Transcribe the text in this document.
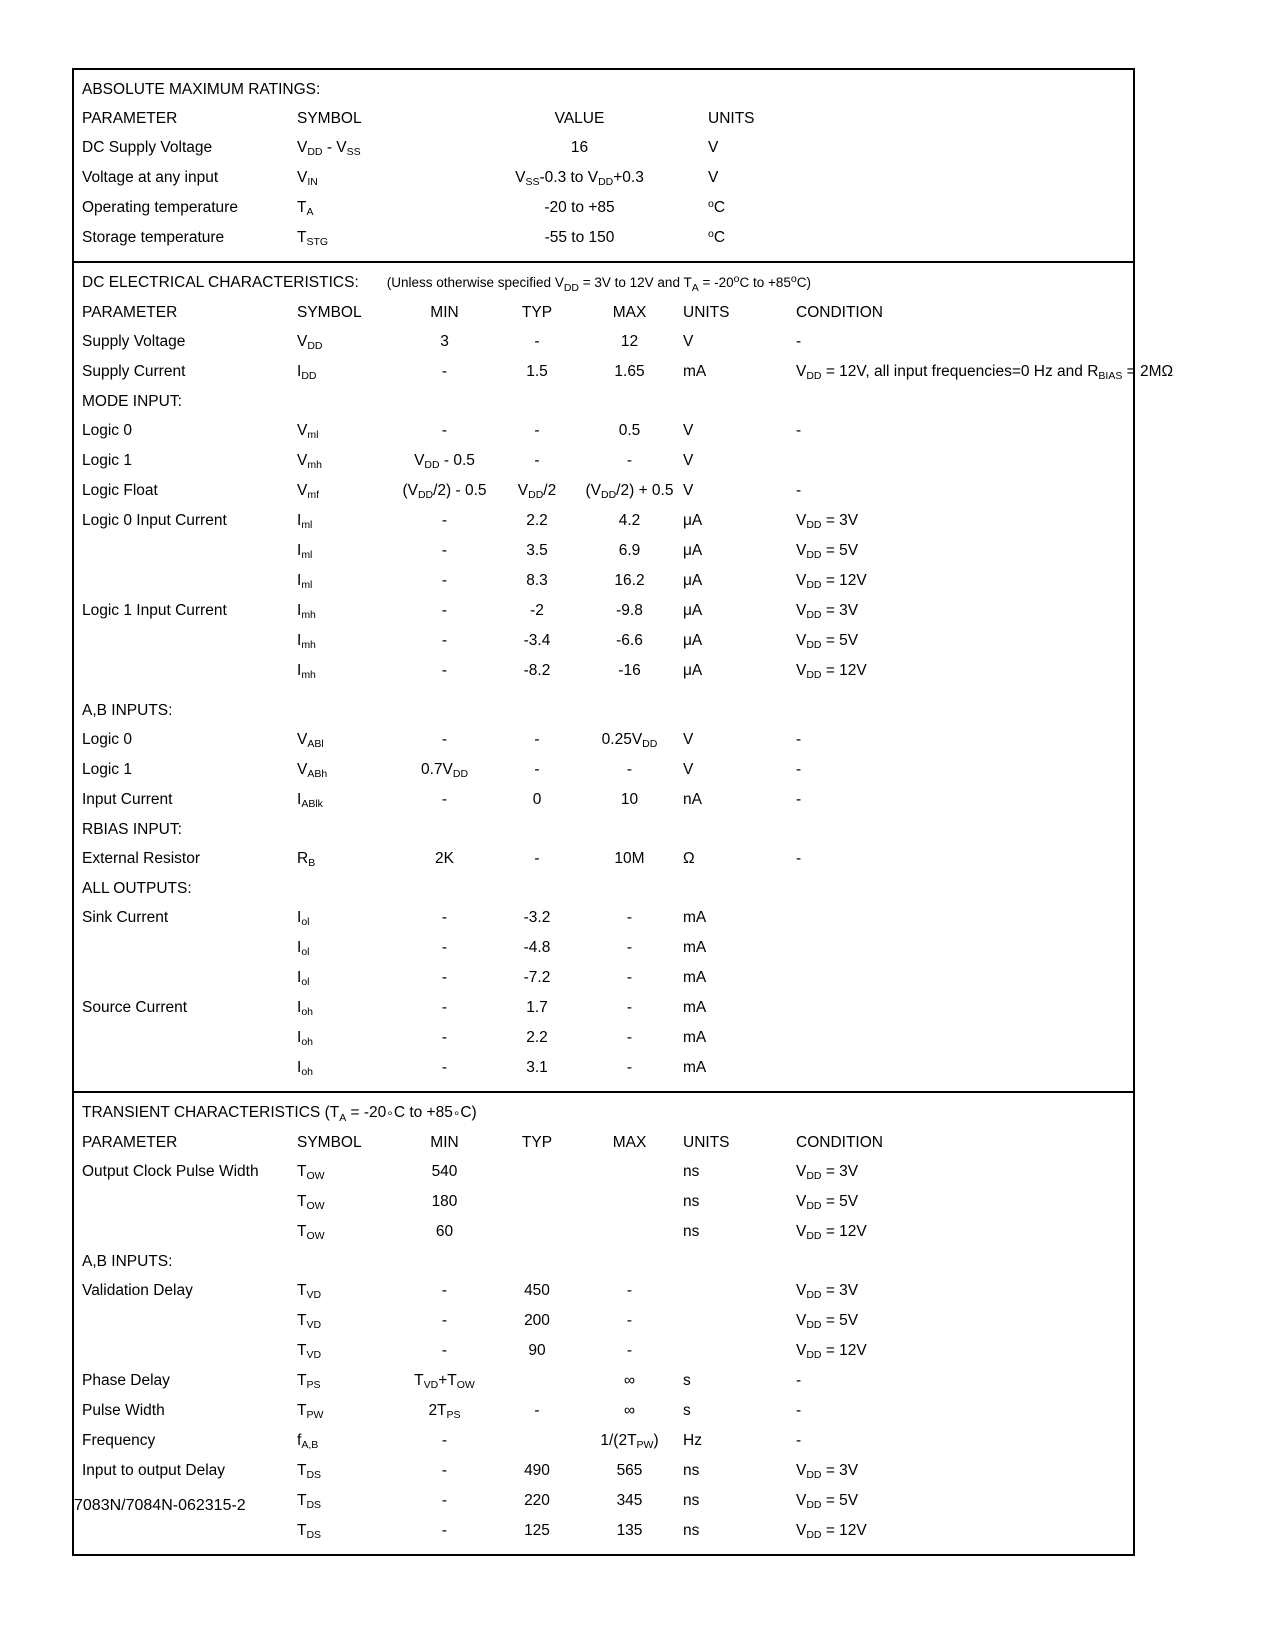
ABSOLUTE MAXIMUM RATINGS:
PARAMETER	SYMBOL	VALUE	UNITS
DC Supply Voltage	$V_{DD} - V_{SS}$	16	V
Voltage at any input	$V_{IN}$	$V_{SS}-0.3$ to $V_{DD}+0.3$	V
Operating temperature	$T_A$	-20 to +85	$^o$C
Storage temperature	$T_{STG}$	-55 to 150	$^o$C
DC ELECTRICAL CHARACTERISTICS: (Unless otherwise specified $V_{DD} = 3V$ to 12V and $T_A = -20^oC$ to $+85^oC$)
PARAMETER	SYMBOL	MIN	TYP	MAX	UNITS	CONDITION
Supply Voltage	$V_{DD}$	3	-	12	V	-
Supply Current	$I_{DD}$	-	1.5	1.65	mA	$V_{DD} = 12V$, all input frequencies=0 Hz and $R_{BIAS} = 2M\Omega$
MODE INPUT:						
Logic 0	$V_{ml}$	-	-	0.5	V	-
Logic 1	$V_{mh}$	$V_{DD} - 0.5$	-	-	V	
Logic Float	$V_{mf}$	$(V_{DD}/2) - 0.5$	$V_{DD}/2$	$(V_{DD}/2) + 0.5$	V	-
Logic 0 Input Current	$I_{ml}$	-	2.2	4.2	μA	$V_{DD} = 3V$
	$I_{ml}$	-	3.5	6.9	μA	$V_{DD} = 5V$
	$I_{ml}$	-	8.3	16.2	μA	$V_{DD} = 12V$
Logic 1 Input Current	$I_{mh}$	-	-2	-9.8	μA	$V_{DD} = 3V$
	$I_{mh}$	-	-3.4	-6.6	μA	$V_{DD} = 5V$
	$I_{mh}$	-	-8.2	-16	μA	$V_{DD} = 12V$

A,B INPUTS:						
Logic 0	$V_{ABl}$	-	-	$0.25V_{DD}$	V	-
Logic 1	$V_{ABh}$	$0.7V_{DD}$	-	-	V	-
Input Current	$I_{ABlk}$	-	0	10	nA	-
RBIAS INPUT:						
External Resistor	$R_B$	2K	-	10M	Ω	-
ALL OUTPUTS:						
Sink Current	$I_{ol}$	-	-3.2	-	mA	
	$I_{ol}$	-	-4.8	-	mA	
	$I_{ol}$	-	-7.2	-	mA	
Source Current	$I_{oh}$	-	1.7	-	mA	
	$I_{oh}$	-	2.2	-	mA	
	$I_{oh}$	-	3.1	-	mA	
TRANSIENT CHARACTERISTICS ($T_A$ = -20∘C to +85∘C)
PARAMETER	SYMBOL	MIN	TYP	MAX	UNITS	CONDITION
Output Clock Pulse Width	$T_{OW}$	540			ns	$V_{DD} = 3V$
	$T_{OW}$	180			ns	$V_{DD} = 5V$
	$T_{OW}$	60			ns	$V_{DD} = 12V$
A,B INPUTS:						
Validation Delay	$T_{VD}$	-	450	-		$V_{DD} = 3V$
	$T_{VD}$	-	200	-		$V_{DD} = 5V$
	$T_{VD}$	-	90	-		$V_{DD} = 12V$
Phase Delay	$T_{PS}$	$T_{VD}+T_{OW}$		∞	s	-
Pulse Width	$T_{PW}$	$2T_{PS}$	-	∞	s	-
Frequency	$f_{A,B}$	-		$1/(2T_{PW})$	Hz	-
Input to output Delay	$T_{DS}$	-	490	565	ns	$V_{DD} = 3V$
	$T_{DS}$	-	220	345	ns	$V_{DD} = 5V$
	$T_{DS}$	-	125	135	ns	$V_{DD} = 12V$
7083N/7084N-062315-2
